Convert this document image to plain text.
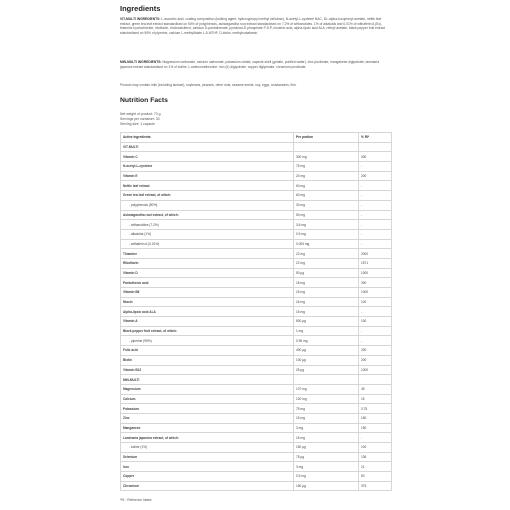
Ingredients
VIT-MULTI INGREDIENTS: L-ascorbic acid, coating composition (bulking agent: hydroxypropyl methyl cellulose), N-acetyl-L-cysteine NAC, DL-alpha-tocopheryl acetate, nettle leaf extract, green tea leaf extract standardised on 50% of polyphenols, ashwagandha root extract standardised on 7.2% of withanolides, 1% of alkaloids and 0.01% of withaferin A (Ec), thiamine hydrochloride, riboflavin, cholecalciferol, calcium D-pantothenate, pyridoxal-5'-phosphate P-5-P, nicotinic acid, alpha-lipoic acid ALA, retinyl acetate, black pepper fruit extract standardised on 95% of piperine, calcium L-methylfolate L-5-MTHF, D-biotin, methylcobalamin.
MIN-MULTI INGREDIENTS: Magnesium carbonate, calcium carbonate, potassium citrate, capsule shell (gelatin, purified water), zinc picolinate, manganese diglycinate, laminaria japonica extract standardised on 1% of iodine, L-selenomethionine, iron (II) diglycinate, copper diglycinate, chromium picolinate.
Product may contain milk (including lactose), soybeans, peanuts, other nuts, sesame seeds, soy, eggs, crustaceans, fish.
Nutrition Facts
Net weight of product: 73 g
Servings per container: 30
Serving size: 1 capsule
Active ingredients	Per portion	% RI*
VIT-MULTI		
Vitamin C	300 mg	400
N-acetyl-L-cysteine	75 mg	-
Vitamin E	24 mg	200
Nettle leaf extract	60 mg	-
Green tea leaf extract, of which:	60 mg	-
- polyphenols (50%)	30 mg	-
Ashwagandha root extract, of which:	50 mg	-
- withanolides (7.2%)	3.6 mg	-
- alkaloids (1%)	0.5 mg	-
- withaferin A (0.01%)	0.005 mg	-
Thiamine	22 mg	2000
Riboflavin	22 mg	1571
Vitamin D	50 µg	1000
Pantothenic acid	18 mg	300
Vitamin B6	15 mg	1000
Niacin	16 mg	100
Alpha-lipoic acid ALA	15 mg	-
Vitamin A	800 µg	100
Black pepper fruit extract, of which:	1 mg	-
- piperine (95%)	0.95 mg	-
Folic acid	400 µg	200
Biotin	100 µg	200
Vitamin B12	25 µg	1000
MIN-MULTI		
Magnesium	170 mg	45
Calcium	120 mg	15
Potassium	75 mg	3.75
Zinc	15 mg	150
Manganese	3 mg	150
Laminaria japonica extract, of which:	15 mg	-
- iodine (1%)	150 µg	100
Selenium	75 µg	136
Iron	3 mg	21
Copper	0.5 mg	50
Chromium	150 µg	375
*RI - Reference Intake
